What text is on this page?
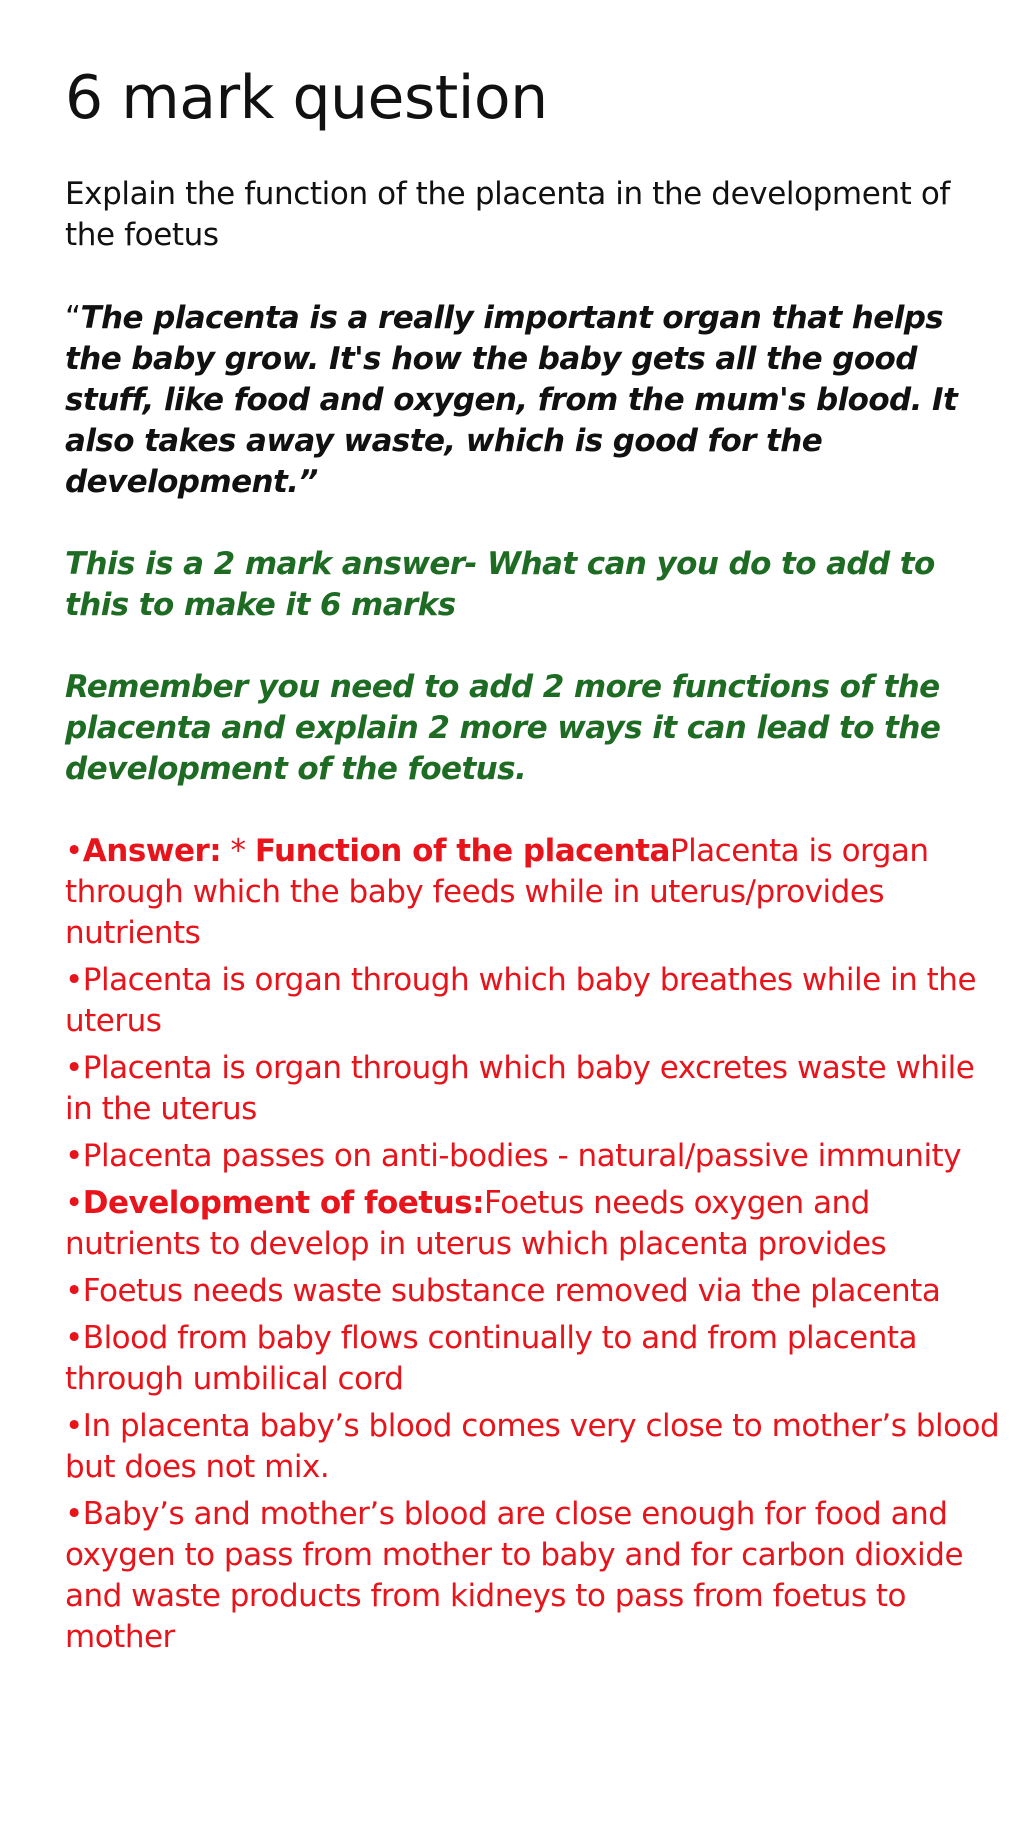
6 mark question

Explain the function of the placenta in the development of the foetus

“The placenta is a really important organ that helps the baby grow. It's how the baby gets all the good stuff, like food and oxygen, from the mum's blood. It also takes away waste, which is good for the development.”

This is a 2 mark answer- What can you do to add to this to make it 6 marks

Remember you need to add 2 more functions of the placenta and explain 2 more ways it can lead to the development of the foetus.

•Answer: * Function of the placentaPlacenta is organ through which the baby feeds while in uterus/provides nutrients
•Placenta is organ through which baby breathes while in the uterus
•Placenta is organ through which baby excretes waste while in the uterus
•Placenta passes on anti-bodies - natural/passive immunity
•Development of foetus:Foetus needs oxygen and nutrients to develop in uterus which placenta provides
•Foetus needs waste substance removed via the placenta
•Blood from baby flows continually to and from placenta through umbilical cord
•In placenta baby’s blood comes very close to mother’s blood but does not mix.
•Baby’s and mother’s blood are close enough for food and oxygen to pass from mother to baby and for carbon dioxide and waste products from kidneys to pass from foetus to mother
